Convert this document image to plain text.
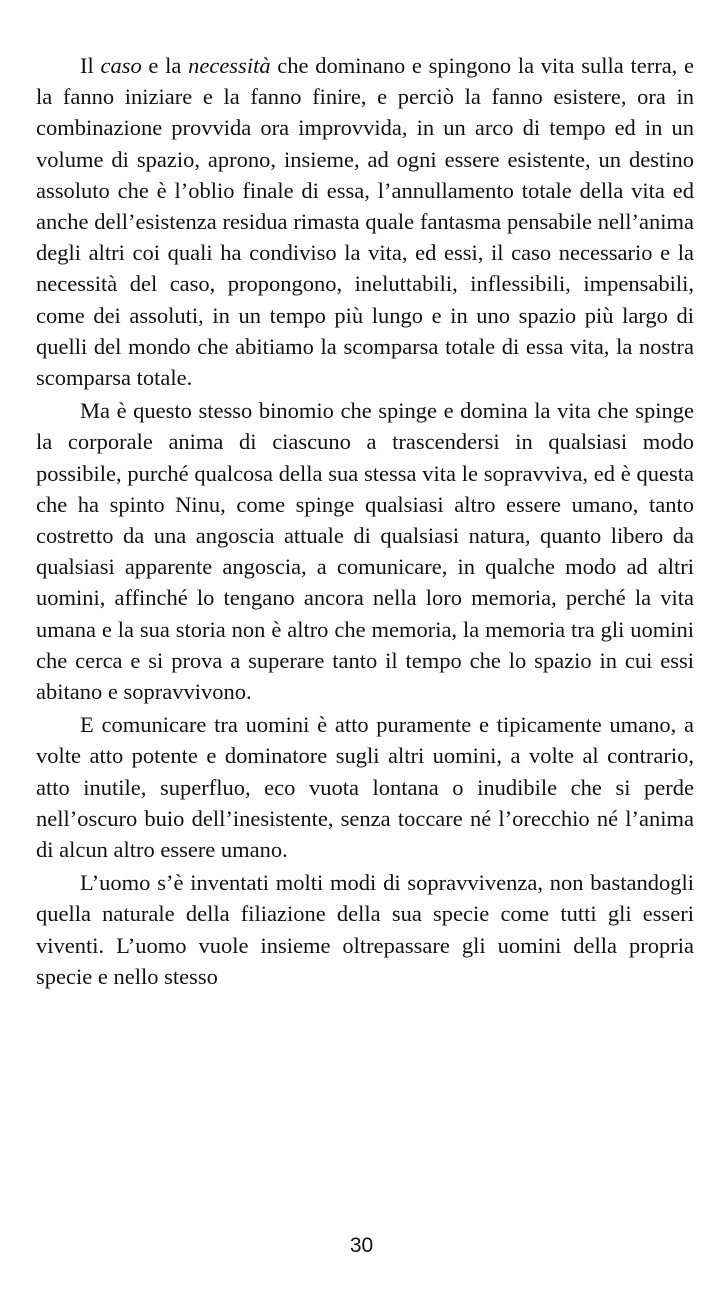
Il caso e la necessità che dominano e spingono la vita sulla terra, e la fanno iniziare e la fanno finire, e perciò la fanno esistere, ora in combinazione provvida ora improvvida, in un arco di tempo ed in un volume di spazio, aprono, insieme, ad ogni essere esistente, un destino assoluto che è l’oblio finale di essa, l’annullamento totale della vita ed anche dell’esistenza residua rimasta quale fantasma pensabile nell’anima degli altri coi quali ha condiviso la vita, ed essi, il caso necessario e la necessità del caso, propongono, ineluttabili, inflessibili, impensabili, come dei assoluti, in un tempo più lungo e in uno spazio più largo di quelli del mondo che abitiamo la scomparsa totale di essa vita, la nostra scomparsa totale.

Ma è questo stesso binomio che spinge e domina la vita che spinge la corporale anima di ciascuno a trascendersi in qualsiasi modo possibile, purché qualcosa della sua stessa vita le sopravviva, ed è questa che ha spinto Ninu, come spinge qualsiasi altro essere umano, tanto costretto da una angoscia attuale di qualsiasi natura, quanto libero da qualsiasi apparente angoscia, a comunicare, in qualche modo ad altri uomini, affinché lo tengano ancora nella loro memoria, perché la vita umana e la sua storia non è altro che memoria, la memoria tra gli uomini che cerca e si prova a superare tanto il tempo che lo spazio in cui essi abitano e sopravvivono.

E comunicare tra uomini è atto puramente e tipicamente umano, a volte atto potente e dominatore sugli altri uomini, a volte al contrario, atto inutile, superfluo, eco vuota lontana o inudibile che si perde nell’oscuro buio dell’inesistente, senza toccare né l’orecchio né l’anima di alcun altro essere umano.

L’uomo s’è inventati molti modi di sopravvivenza, non bastandogli quella naturale della filiazione della sua specie come tutti gli esseri viventi. L’uomo vuole insieme oltrepassare gli uomini della propria specie e nello stesso

30
